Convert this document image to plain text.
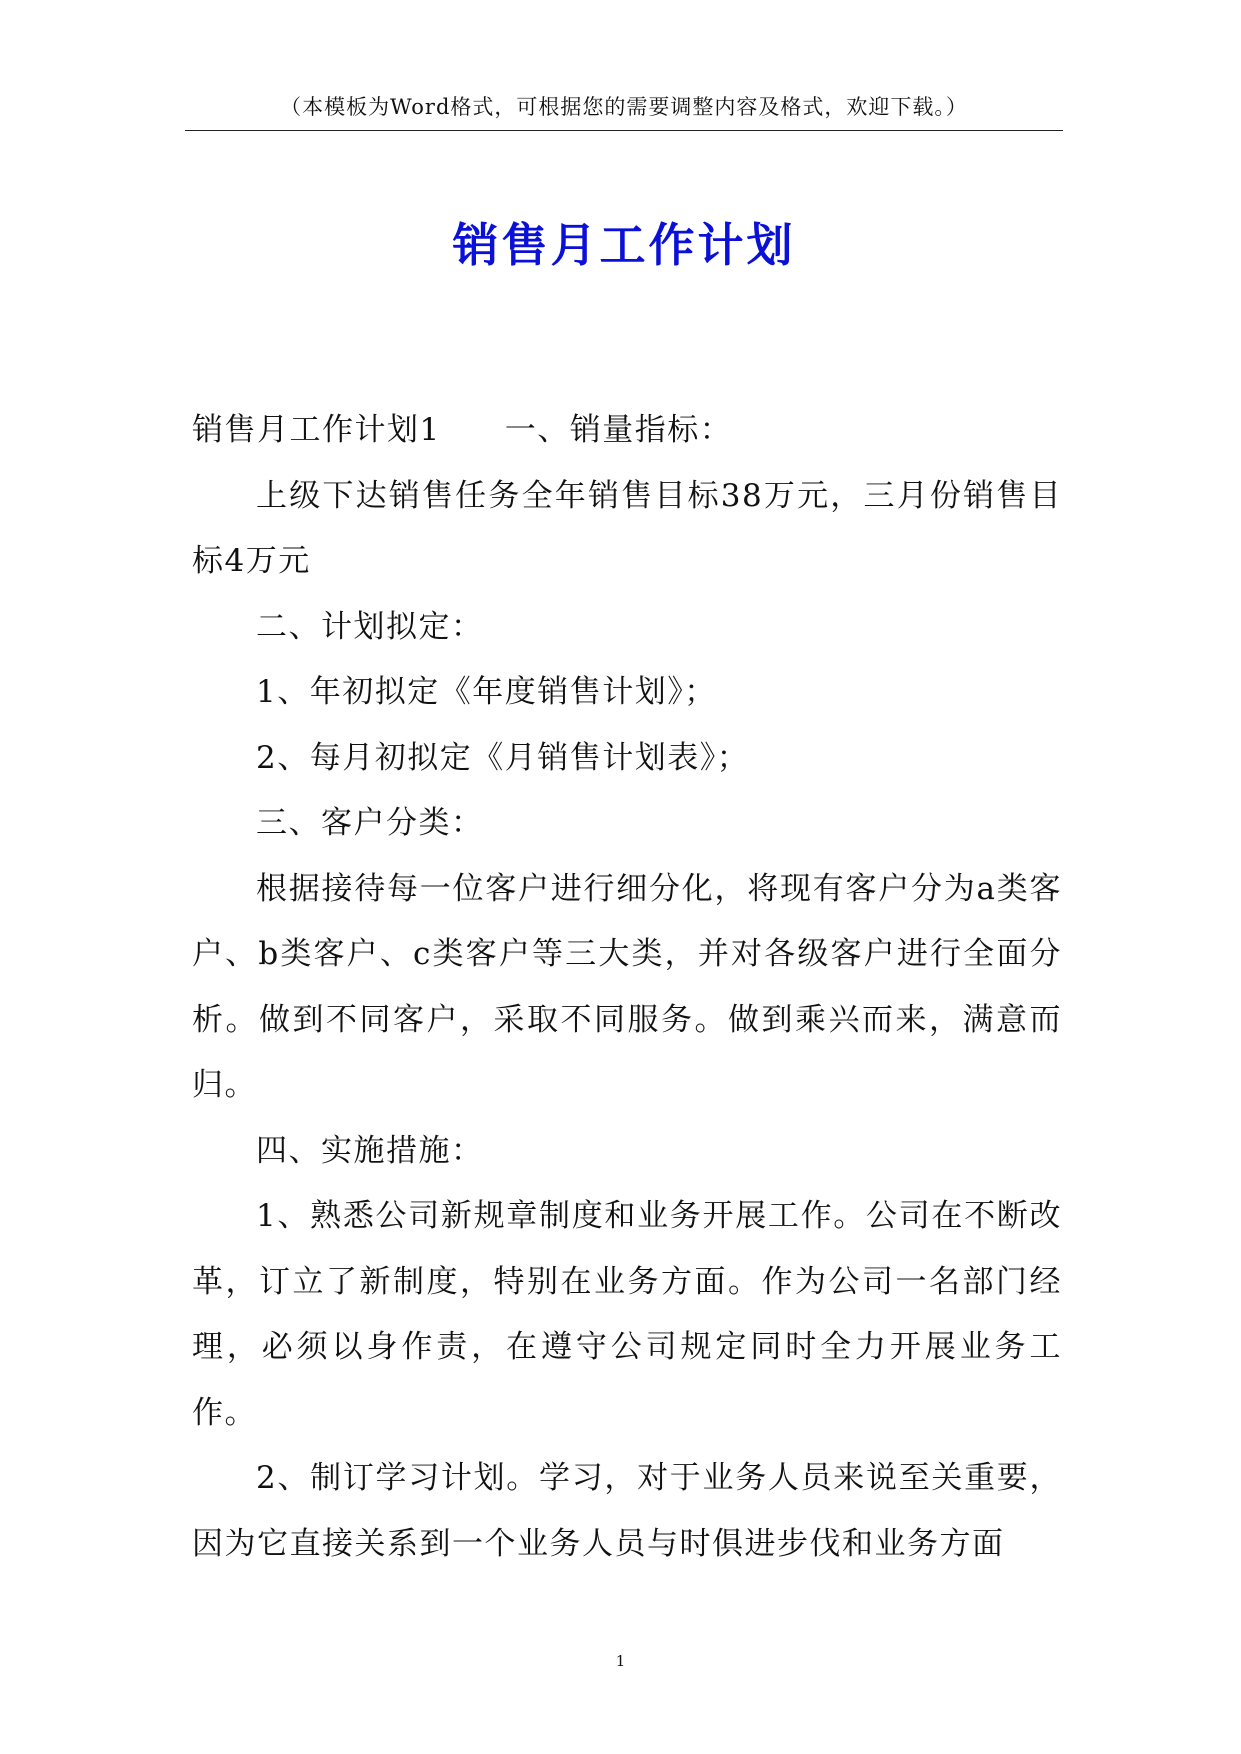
（本模板为Word格式，可根据您的需要调整内容及格式，欢迎下载。）
销售月工作计划

销售月工作计划1 一、销量指标：

上级下达销售任务全年销售目标38万元，三月份销售目标4万元

二、计划拟定：

1、年初拟定《年度销售计划》；

2、每月初拟定《月销售计划表》；

三、客户分类：

根据接待每一位客户进行细分化，将现有客户分为a类客户、b类客户、c类客户等三大类，并对各级客户进行全面分析。做到不同客户，采取不同服务。做到乘兴而来，满意而归。

四、实施措施：

1、熟悉公司新规章制度和业务开展工作。公司在不断改革，订立了新制度，特别在业务方面。作为公司一名部门经理，必须以身作责，在遵守公司规定同时全力开展业务工作。

2、制订学习计划。学习，对于业务人员来说至关重要，因为它直接关系到一个业务人员与时俱进步伐和业务方面

1
